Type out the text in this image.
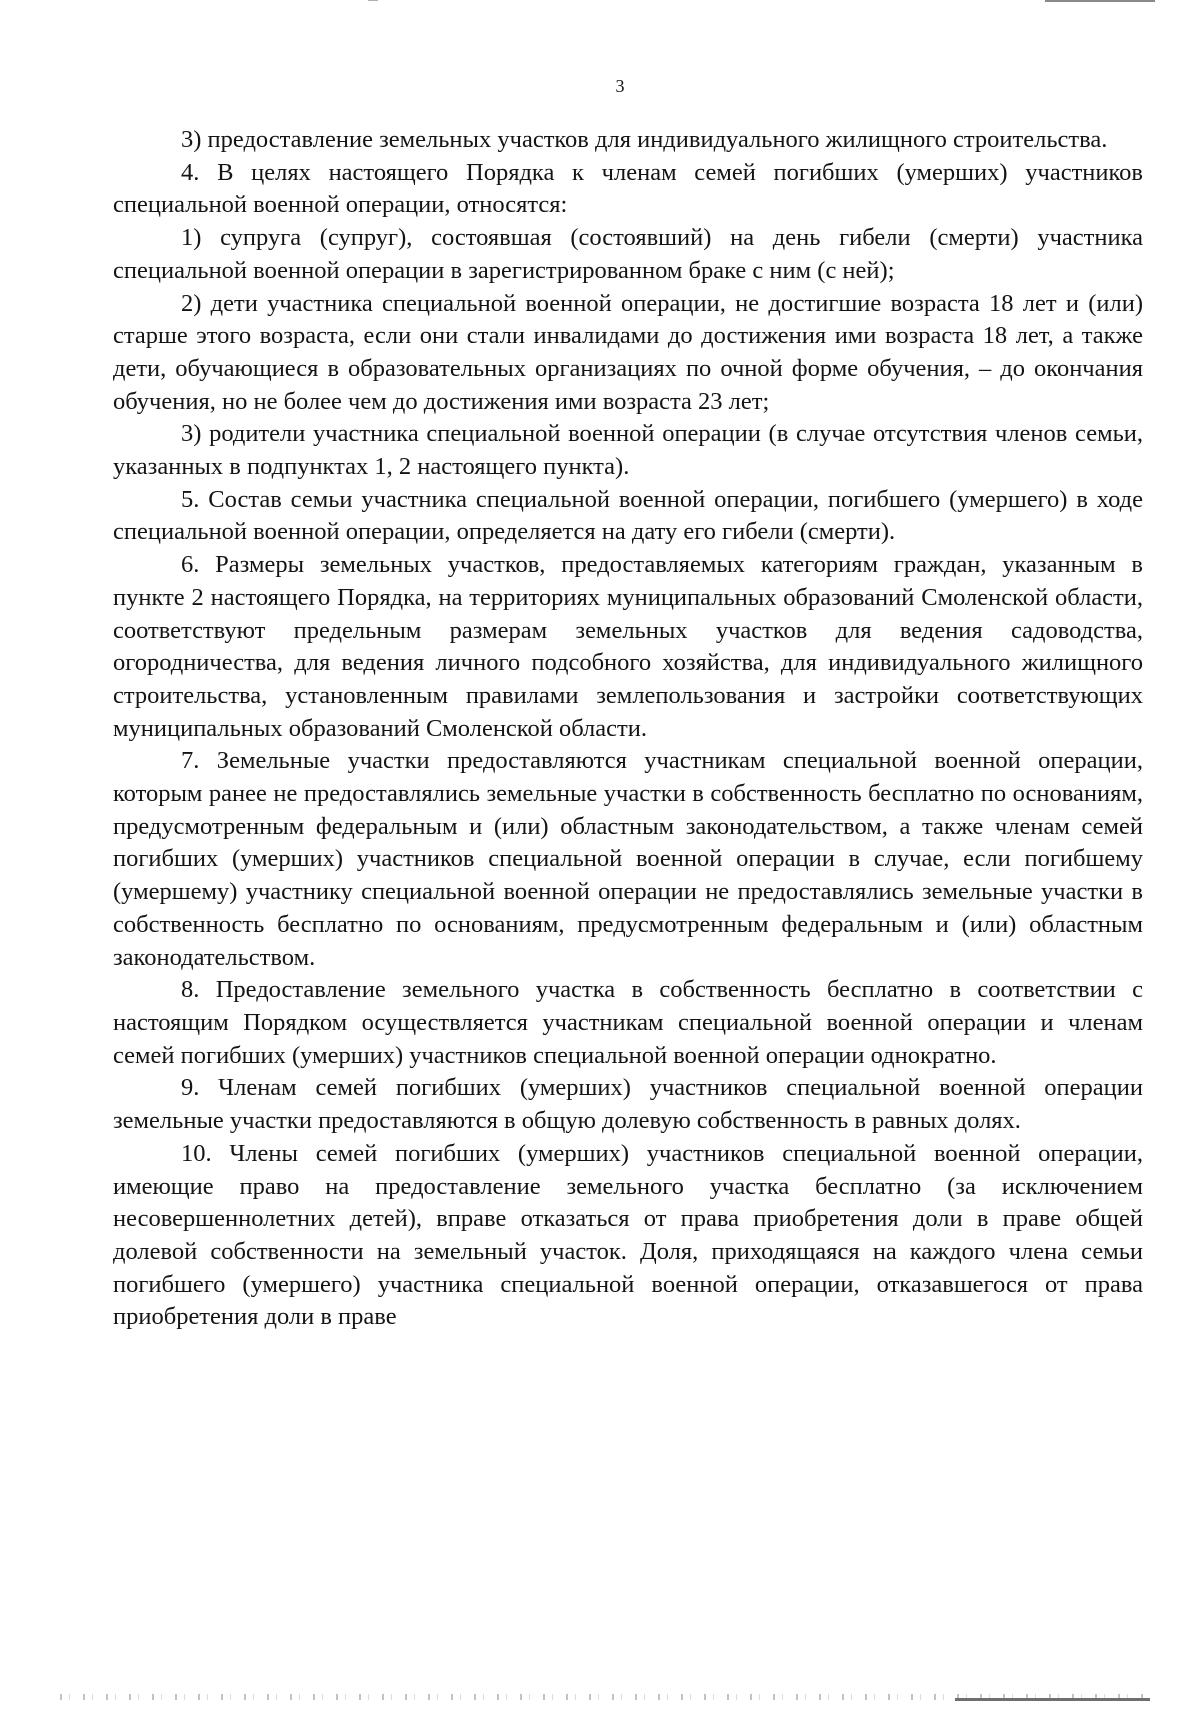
3

3) предоставление земельных участков для индивидуального жилищного строительства.

4. В целях настоящего Порядка к членам семей погибших (умерших) участников специальной военной операции, относятся:

1) супруга (супруг), состоявшая (состоявший) на день гибели (смерти) участника специальной военной операции в зарегистрированном браке с ним (с ней);

2) дети участника специальной военной операции, не достигшие возраста 18 лет и (или) старше этого возраста, если они стали инвалидами до достижения ими возраста 18 лет, а также дети, обучающиеся в образовательных организациях по очной форме обучения, – до окончания обучения, но не более чем до достижения ими возраста 23 лет;

3) родители участника специальной военной операции (в случае отсутствия членов семьи, указанных в подпунктах 1, 2 настоящего пункта).

5. Состав семьи участника специальной военной операции, погибшего (умершего) в ходе специальной военной операции, определяется на дату его гибели (смерти).

6. Размеры земельных участков, предоставляемых категориям граждан, указанным в пункте 2 настоящего Порядка, на территориях муниципальных образований Смоленской области, соответствуют предельным размерам земельных участков для ведения садоводства, огородничества, для ведения личного подсобного хозяйства, для индивидуального жилищного строительства, установленным правилами землепользования и застройки соответствующих муниципальных образований Смоленской области.

7. Земельные участки предоставляются участникам специальной военной операции, которым ранее не предоставлялись земельные участки в собственность бесплатно по основаниям, предусмотренным федеральным и (или) областным законодательством, а также членам семей погибших (умерших) участников специальной военной операции в случае, если погибшему (умершему) участнику специальной военной операции не предоставлялись земельные участки в собственность бесплатно по основаниям, предусмотренным федеральным и (или) областным законодательством.

8. Предоставление земельного участка в собственность бесплатно в соответствии с настоящим Порядком осуществляется участникам специальной военной операции и членам семей погибших (умерших) участников специальной военной операции однократно.

9. Членам семей погибших (умерших) участников специальной военной операции земельные участки предоставляются в общую долевую собственность в равных долях.

10. Члены семей погибших (умерших) участников специальной военной операции, имеющие право на предоставление земельного участка бесплатно (за исключением несовершеннолетних детей), вправе отказаться от права приобретения доли в праве общей долевой собственности на земельный участок. Доля, приходящаяся на каждого члена семьи погибшего (умершего) участника специальной военной операции, отказавшегося от права приобретения доли в праве
